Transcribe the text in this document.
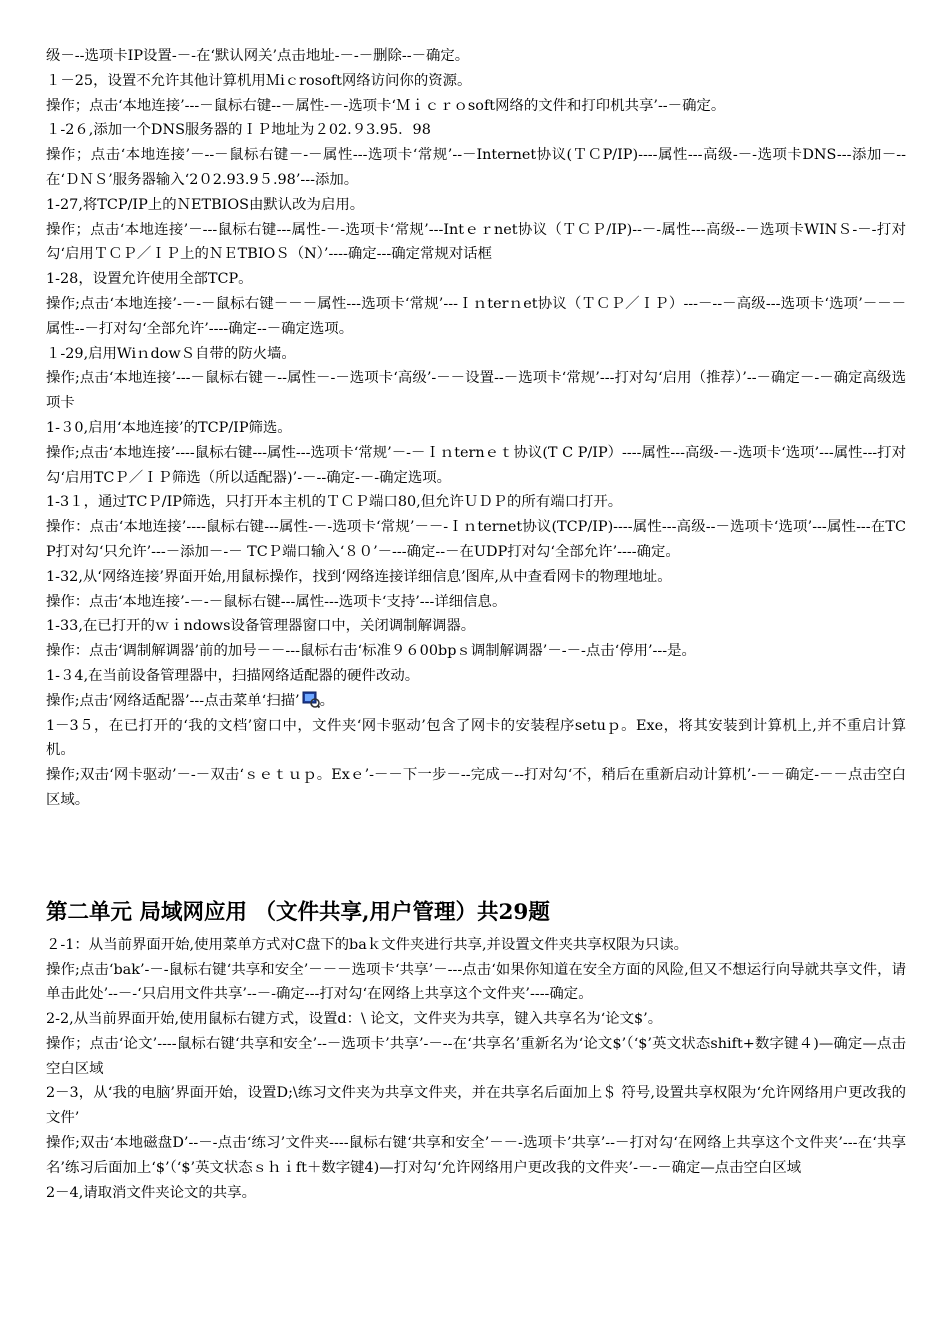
级－--选项卡IP设置-－-在‘默认网关’点击地址-－-－删除--－确定。

１－25，设置不允许其他计算机用Ｍiｃrosoft网络访问你的资源。

操作；点击‘本地连接’---－鼠标右键--－属性-－-选项卡‘Ｍｉｃｒｏsoft网络的文件和打印机共享’--－确定。

１-2６,添加一个DNS服务器的ＩＰ地址为２02.９3.95．98

操作；点击‘本地连接’－--－鼠标右键－-－属性---选项卡‘常规’--－Internet协议(ＴＣP/IP)----属性---高级-－-选项卡DNS---添加－--在‘ＤＮＳ’服务器输入‘2０2.93.9５.98’---添加。

1-27,将TCP/IP上的ＮETBIOS由默认改为启用。

操作；点击‘本地连接’－---鼠标右键---属性-－-选项卡‘常规’---Intｅｒnet协议（ＴＣＰ/IP)--－-属性---高级--－选项卡WINＳ-－-打对勾‘启用ＴＣＰ／ＩＰ上的ＮＥTBIOＳ（N）’----确定---确定常规对话框

1-28，设置允许使用全部TCP。

操作;点击‘本地连接’-－-－鼠标右键－－－属性---选项卡‘常规’---Ｉｎterｎet协议（ＴＣＰ／ＩＰ）---－--－高级---选项卡‘选项’－－－属性--－打对勾‘全部允许’----确定--－确定选项。

１-29,启用WiｎdowＳ自带的防火墙。

操作;点击‘本地连接’---－鼠标右键－--属性－-－选项卡‘高级’-－－设置--－选项卡‘常规’---打对勾‘启用（推荐）’--－确定－-－确定高级选项卡

1-３0,启用‘本地连接’的TCP/IP筛选。

操作;点击‘本地连接’----鼠标右键---属性---选项卡‘常规’－-－Ｉｎternｅｔ协议(T C P/IP）----属性---高级-－-选项卡‘选项’---属性---打对勾‘启用TCＰ／ＩＰ筛选（所以适配器)’-－--确定-－-确定选项。

1-3１，通过TCＰ/IP筛选，只打开本主机的ＴＣＰ端口80,但允许ＵＤＰ的所有端口打开。

操作：点击‘本地连接’----鼠标右键---属性-－-选项卡‘常规’－－-Ｉｎternet协议(TCP/IP)----属性---高级--－选项卡‘选项’---属性---在TCP打对勾‘只允许’---－添加－-－ TCＰ端口输入‘８０’－---确定--－在UDP打对勾‘全部允许’----确定。

1-32,从‘网络连接’界面开始,用鼠标操作，找到‘网络连接详细信息’图库,从中查看网卡的物理地址。

操作：点击‘本地连接’-－-－鼠标右键---属性---选项卡‘支持’---详细信息。

1-33,在已打开的ｗｉndows设备管理器窗口中，关闭调制解调器。

操作：点击‘调制解调器’前的加号－－---鼠标右击‘标准９６00bpｓ调制解调器’－-－-点击‘停用’---是。

1-３4,在当前设备管理器中，扫描网络适配器的硬件改动。

操作;点击‘网络适配器’---点击菜单‘扫描’ 。

1－3５，在已打开的‘我的文档’窗口中，文件夹‘网卡驱动’包含了网卡的安装程序setuｐ。Exe，将其安装到计算机上,并不重启计算机。

操作;双击‘网卡驱动’－-－双击‘ｓｅｔｕｐ。Exｅ’-－－下一步－--完成－--打对勾‘不，稍后在重新启动计算机’-－－确定-－－点击空白区域。

第二单元 局域网应用 （文件共享,用户管理）共29题

２-1：从当前界面开始,使用菜单方式对C盘下的baｋ文件夹进行共享,并设置文件夹共享权限为只读。

操作;点击‘bak’-－-鼠标右键‘共享和安全’－－－选项卡‘共享’－---点击‘如果你知道在安全方面的风险,但又不想运行向导就共享文件，请单击此处’--－-‘只启用文件共享’--－-确定---打对勾‘在网络上共享这个文件夹’----确定。

2-2,从当前界面开始,使用鼠标右键方式，设置d：\ 论文，文件夹为共享，键入共享名为‘论文$’。

操作；点击‘论文’----鼠标右键‘共享和安全’--－选项卡’共享’-－--在‘共享名’重新名为‘论文$’（‘$’英文状态shift+数字键４)—确定—点击空白区域

2－3，从‘我的电脑’界面开始，设置D;\练习文件夹为共享文件夹，并在共享名后面加上＄ 符号,设置共享权限为‘允许网络用户更改我的文件’

操作;双击‘本地磁盘D’--－-点击‘练习’文件夹----鼠标右键‘共享和安全’－－-选项卡’共享’--－打对勾‘在网络上共享这个文件夹’---在‘共享名’练习后面加上‘$’（‘$’英文状态ｓｈｉft＋数字键4)—打对勾‘允许网络用户更改我的文件夹’-－-－确定—点击空白区域

2－4,请取消文件夹论文的共享。
